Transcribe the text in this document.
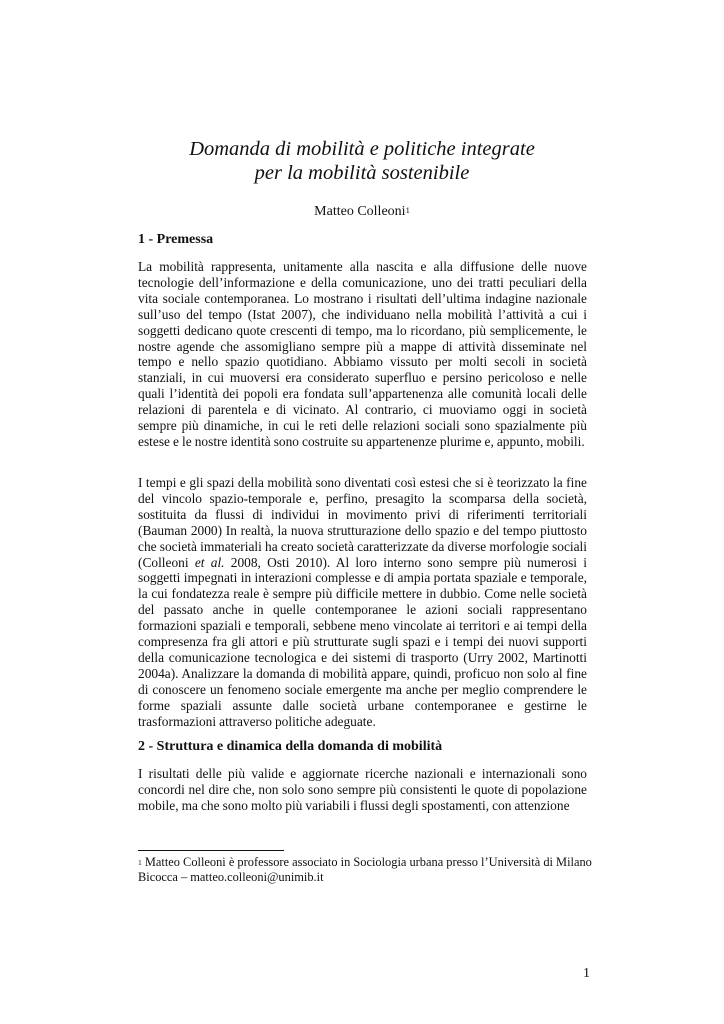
Domanda di mobilità e politiche integrate
per la mobilità sostenibile
Matteo Colleoni$^1$
1 - Premessa
La mobilità rappresenta, unitamente alla nascita e alla diffusione delle nuove tecnologie dell’informazione e della comunicazione, uno dei tratti peculiari della vita sociale contemporanea. Lo mostrano i risultati dell’ultima indagine nazionale sull’uso del tempo (Istat 2007), che individuano nella mobilità l’attività a cui i soggetti dedicano quote crescenti di tempo, ma lo ricordano, più semplicemente, le nostre agende che assomigliano sempre più a mappe di attività disseminate nel tempo e nello spazio quotidiano. Abbiamo vissuto per molti secoli in società stanziali, in cui muoversi era considerato superfluo e persino pericoloso e nelle quali l’identità dei popoli era fondata sull’appartenenza alle comunità locali delle relazioni di parentela e di vicinato. Al contrario, ci muoviamo oggi in società sempre più dinamiche, in cui le reti delle relazioni sociali sono spazialmente più estese e le nostre identità sono costruite su appartenenze plurime e, appunto, mobili.
I tempi e gli spazi della mobilità sono diventati così estesi che si è teorizzato la fine del vincolo spazio-temporale e, perfino, presagito la scomparsa della società, sostituita da flussi di individui in movimento privi di riferimenti territoriali (Bauman 2000) In realtà, la nuova strutturazione dello spazio e del tempo piuttosto che società immateriali ha creato società caratterizzate da diverse morfologie sociali (Colleoni et al. 2008, Osti 2010). Al loro interno sono sempre più numerosi i soggetti impegnati in interazioni complesse e di ampia portata spaziale e temporale, la cui fondatezza reale è sempre più difficile mettere in dubbio. Come nelle società del passato anche in quelle contemporanee le azioni sociali rappresentano formazioni spaziali e temporali, sebbene meno vincolate ai territori e ai tempi della compresenza fra gli attori e più strutturate sugli spazi e i tempi dei nuovi supporti della comunicazione tecnologica e dei sistemi di trasporto (Urry 2002, Martinotti 2004a). Analizzare la domanda di mobilità appare, quindi, proficuo non solo al fine di conoscere un fenomeno sociale emergente ma anche per meglio comprendere le forme spaziali assunte dalle società urbane contemporanee e gestirne le trasformazioni attraverso politiche adeguate.
2 - Struttura e dinamica della domanda di mobilità
I risultati delle più valide e aggiornate ricerche nazionali e internazionali sono concordi nel dire che, non solo sono sempre più consistenti le quote di popolazione mobile, ma che sono molto più variabili i flussi degli spostamenti, con attenzione
$^1$ Matteo Colleoni è professore associato in Sociologia urbana presso l’Università di Milano Bicocca – matteo.colleoni@unimib.it
1
